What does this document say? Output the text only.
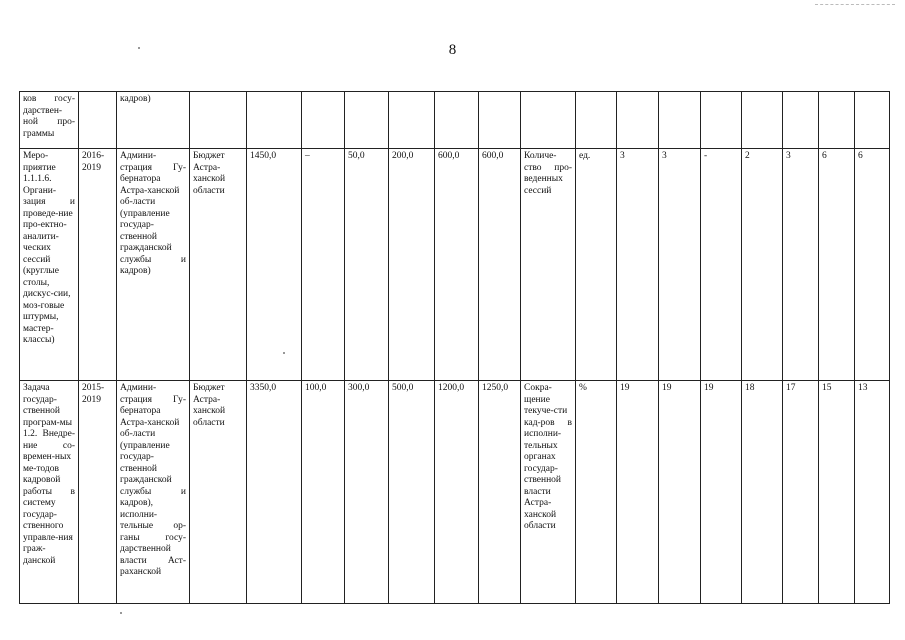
8
ков госу-дарствен-ной про-граммы		кадров)																
Меро-приятие 1.1.1.6. Органи-зация и проведе-ние про-ектно-аналити-ческих сессий (круглые столы, дискус-сии, моз-говые штурмы, мастер-классы)	2016-2019	Админи-страция Гу-бернатора Астра-ханской об-ласти (управление государ-ственной гражданской службы и кадров)	Бюджет Астра-ханской области	1450,0	–	50,0	200,0	600,0	600,0	Количе-ство про-веденных сессий	ед.	3	3	-	2	3	6	6
Задача государ-ственной програм-мы 1.2. Внедре-ние со-времен-ных ме-тодов кадровой работы в систему государ-ственного управле-ния граж-данской	2015-2019	Админи-страция Гу-бернатора Астра-ханской об-ласти (управление государ-ственной гражданской службы и кадров), исполни-тельные ор-ганы госу-дарственной власти Аст-раханской	Бюджет Астра-ханской области	3350,0	100,0	300,0	500,0	1200,0	1250,0	Сокра-щение текуче-сти кад-ров в исполни-тельных органах государ-ственной власти Астра-ханской области	%	19	19	19	18	17	15	13
